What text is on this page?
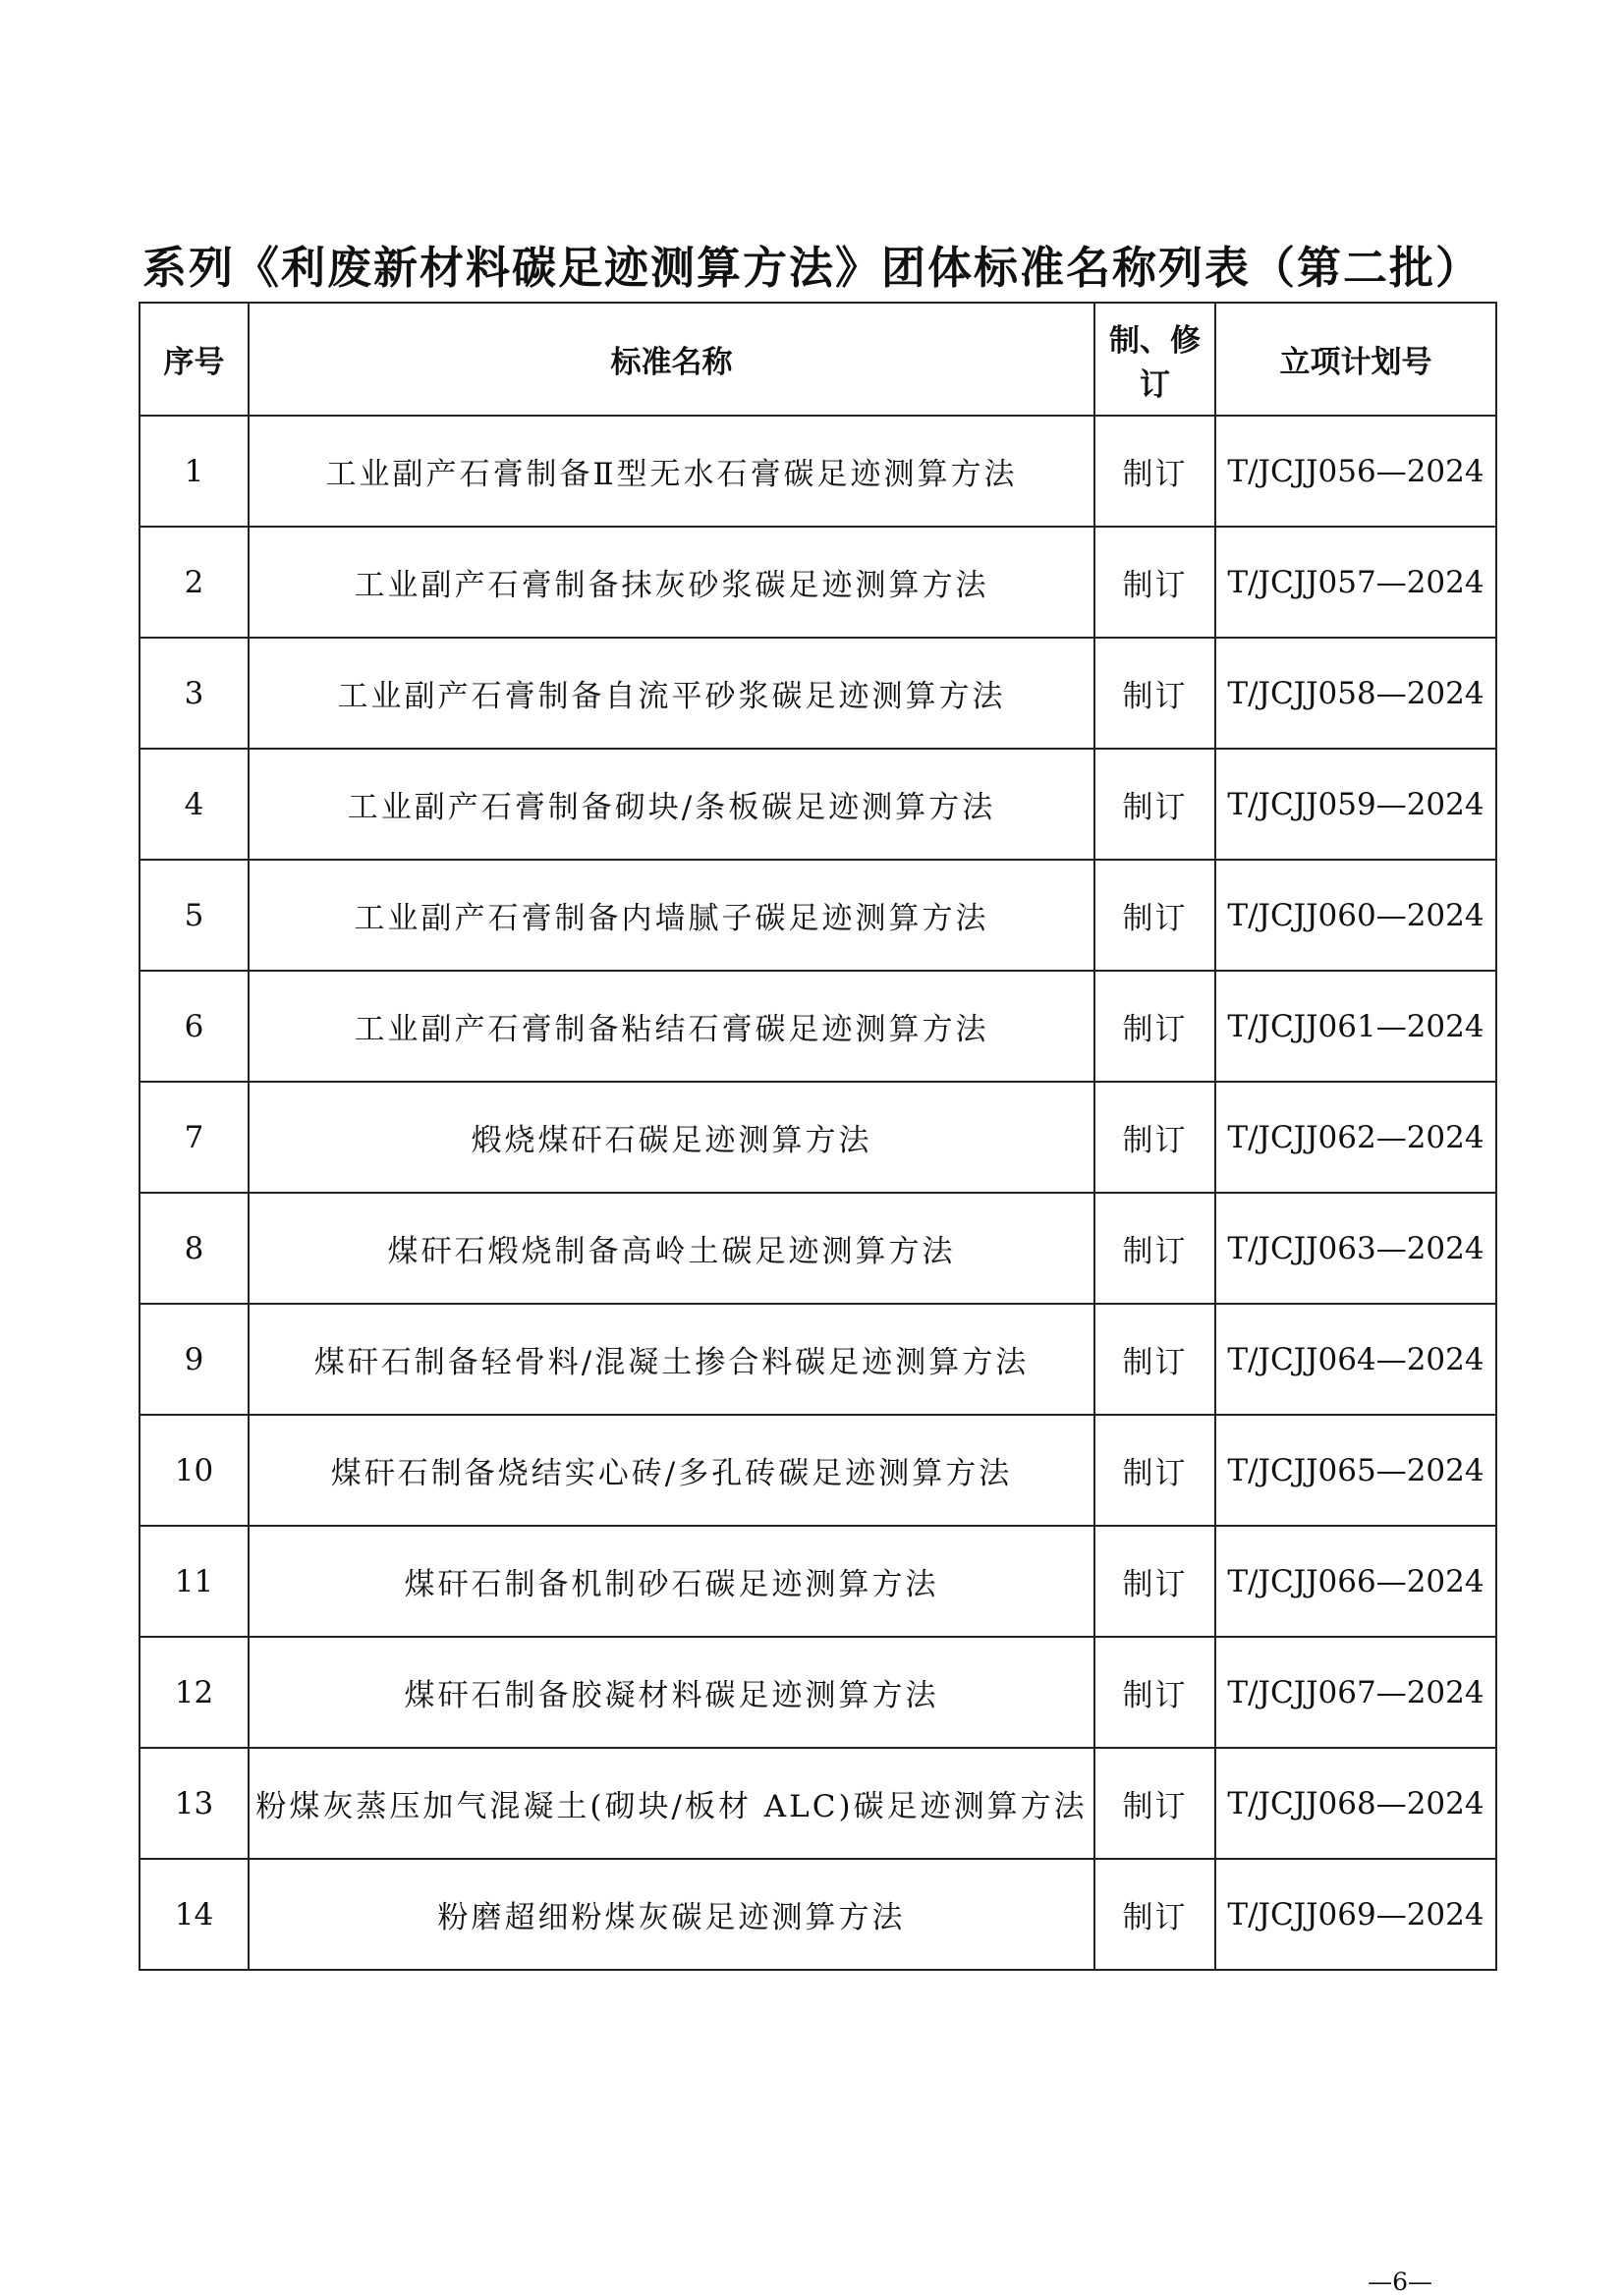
系列《利废新材料碳足迹测算方法》团体标准名称列表（第二批）
序号	标准名称	制、修订	立项计划号
1	工业副产石膏制备Ⅱ型无水石膏碳足迹测算方法	制订	T/JCJJ056—2024
2	工业副产石膏制备抹灰砂浆碳足迹测算方法	制订	T/JCJJ057—2024
3	工业副产石膏制备自流平砂浆碳足迹测算方法	制订	T/JCJJ058—2024
4	工业副产石膏制备砌块/条板碳足迹测算方法	制订	T/JCJJ059—2024
5	工业副产石膏制备内墙腻子碳足迹测算方法	制订	T/JCJJ060—2024
6	工业副产石膏制备粘结石膏碳足迹测算方法	制订	T/JCJJ061—2024
7	煅烧煤矸石碳足迹测算方法	制订	T/JCJJ062—2024
8	煤矸石煅烧制备高岭土碳足迹测算方法	制订	T/JCJJ063—2024
9	煤矸石制备轻骨料/混凝土掺合料碳足迹测算方法	制订	T/JCJJ064—2024
10	煤矸石制备烧结实心砖/多孔砖碳足迹测算方法	制订	T/JCJJ065—2024
11	煤矸石制备机制砂石碳足迹测算方法	制订	T/JCJJ066—2024
12	煤矸石制备胶凝材料碳足迹测算方法	制订	T/JCJJ067—2024
13	粉煤灰蒸压加气混凝土(砌块/板材 ALC)碳足迹测算方法	制订	T/JCJJ068—2024
14	粉磨超细粉煤灰碳足迹测算方法	制订	T/JCJJ069—2024
—6—
